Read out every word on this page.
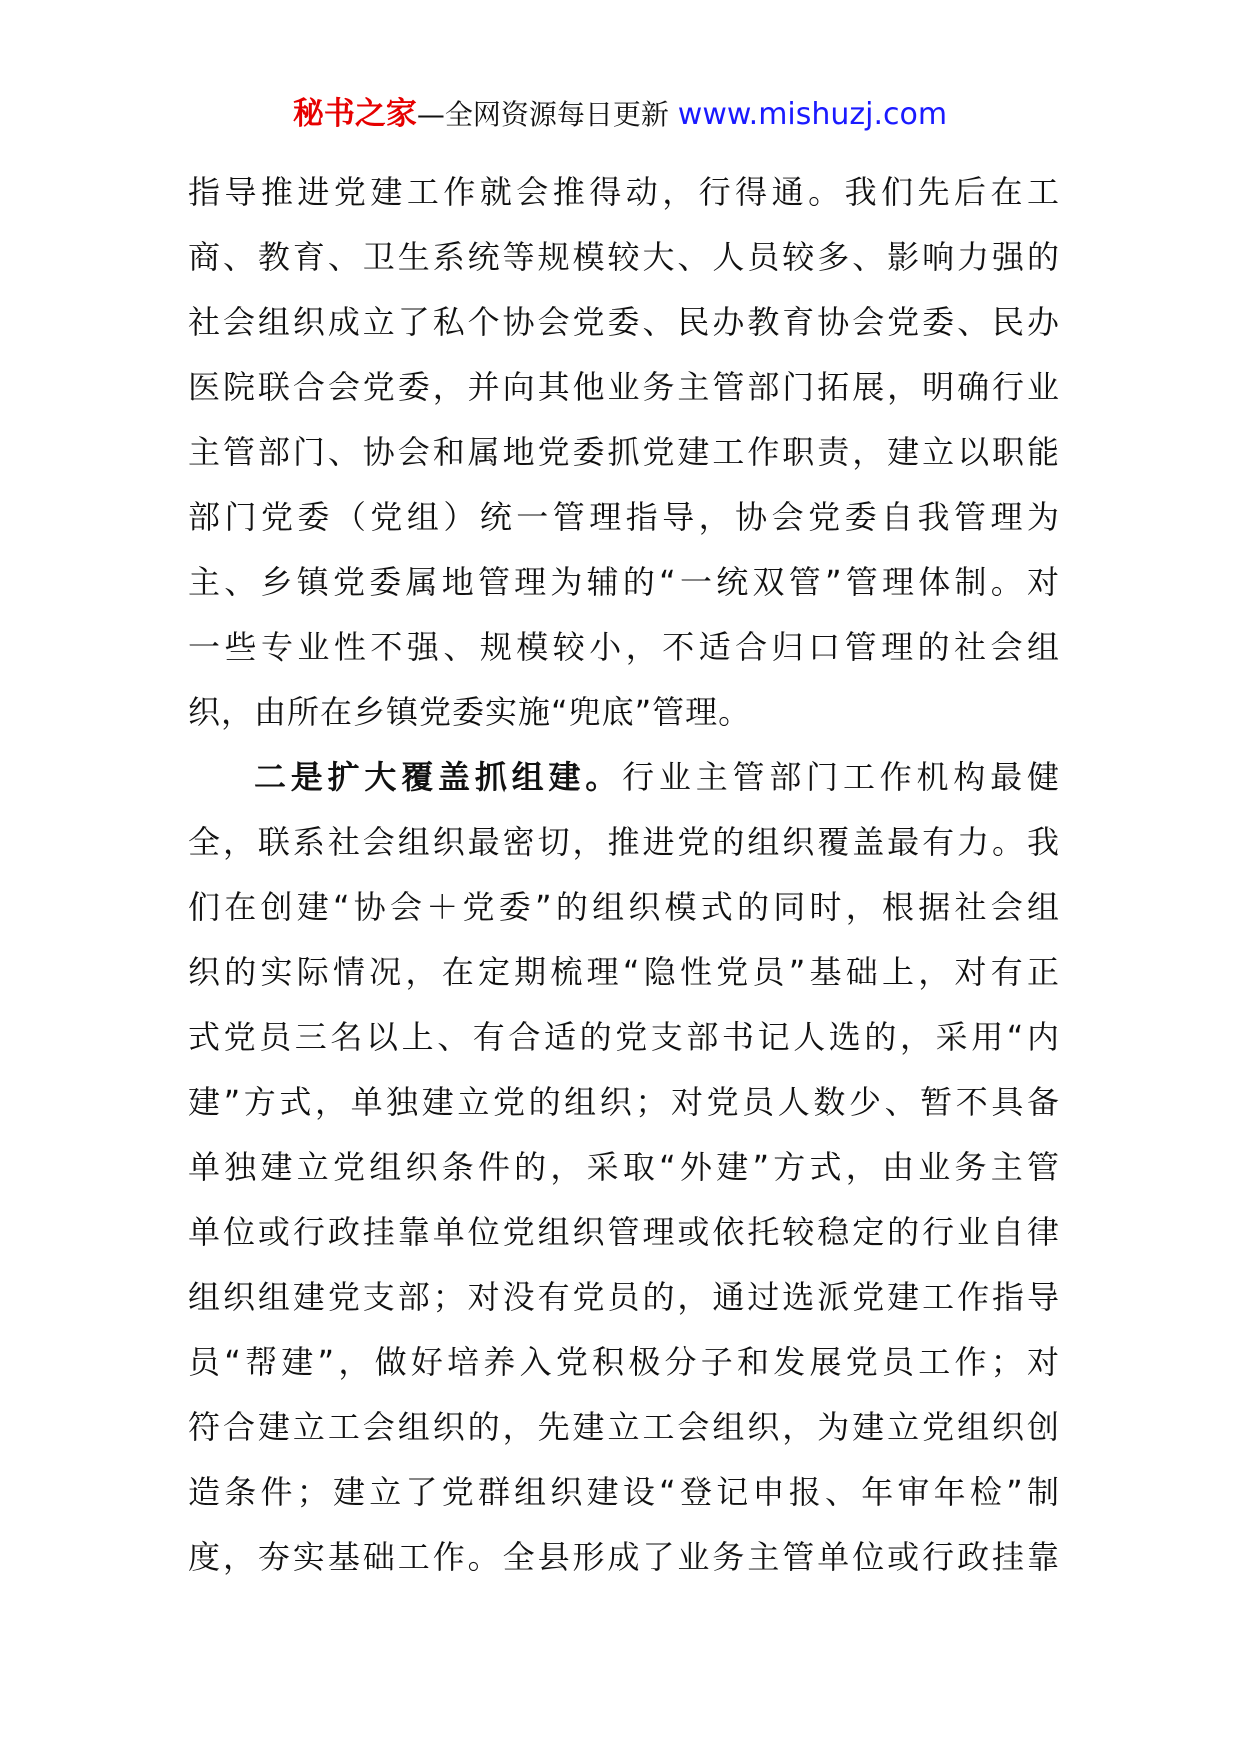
秘书之家—全网资源每日更新 www.mishuzj.com
指导推进党建工作就会推得动，行得通。我们先后在工
商、教育、卫生系统等规模较大、人员较多、影响力强的
社会组织成立了私个协会党委、民办教育协会党委、民办
医院联合会党委，并向其他业务主管部门拓展，明确行业
主管部门、协会和属地党委抓党建工作职责，建立以职能
部门党委（党组）统一管理指导，协会党委自我管理为
主、乡镇党委属地管理为辅的“一统双管”管理体制。对
一些专业性不强、规模较小，不适合归口管理的社会组
织，由所在乡镇党委实施“兜底”管理。
二是扩大覆盖抓组建。行业主管部门工作机构最健
全，联系社会组织最密切，推进党的组织覆盖最有力。我
们在创建“协会＋党委”的组织模式的同时，根据社会组
织的实际情况，在定期梳理“隐性党员”基础上，对有正
式党员三名以上、有合适的党支部书记人选的，采用“内
建”方式，单独建立党的组织；对党员人数少、暂不具备
单独建立党组织条件的，采取“外建”方式，由业务主管
单位或行政挂靠单位党组织管理或依托较稳定的行业自律
组织组建党支部；对没有党员的，通过选派党建工作指导
员“帮建”，做好培养入党积极分子和发展党员工作；对
符合建立工会组织的，先建立工会组织，为建立党组织创
造条件；建立了党群组织建设“登记申报、年审年检”制
度，夯实基础工作。全县形成了业务主管单位或行政挂靠
